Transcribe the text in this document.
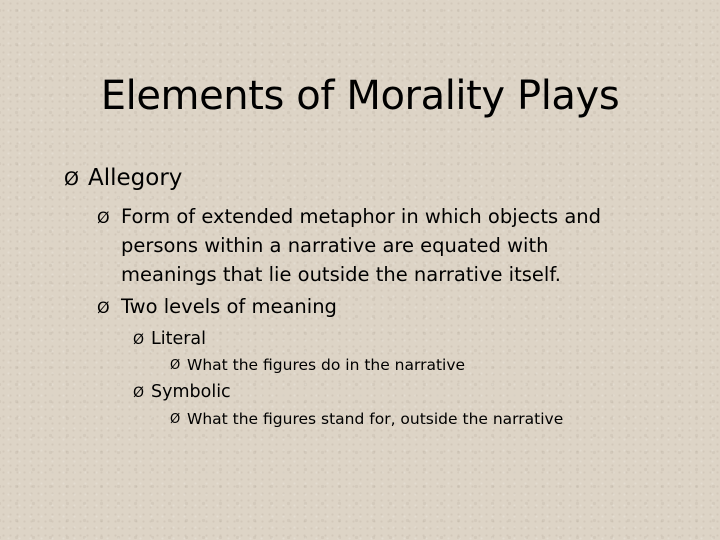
Elements of Morality Plays
Ø Allegory
Ø Form of extended metaphor in which objects and
persons within a narrative are equated with
meanings that lie outside the narrative itself.
Ø Two levels of meaning
Ø Literal
Ø What the figures do in the narrative
Ø Symbolic
Ø What the figures stand for, outside the narrative
